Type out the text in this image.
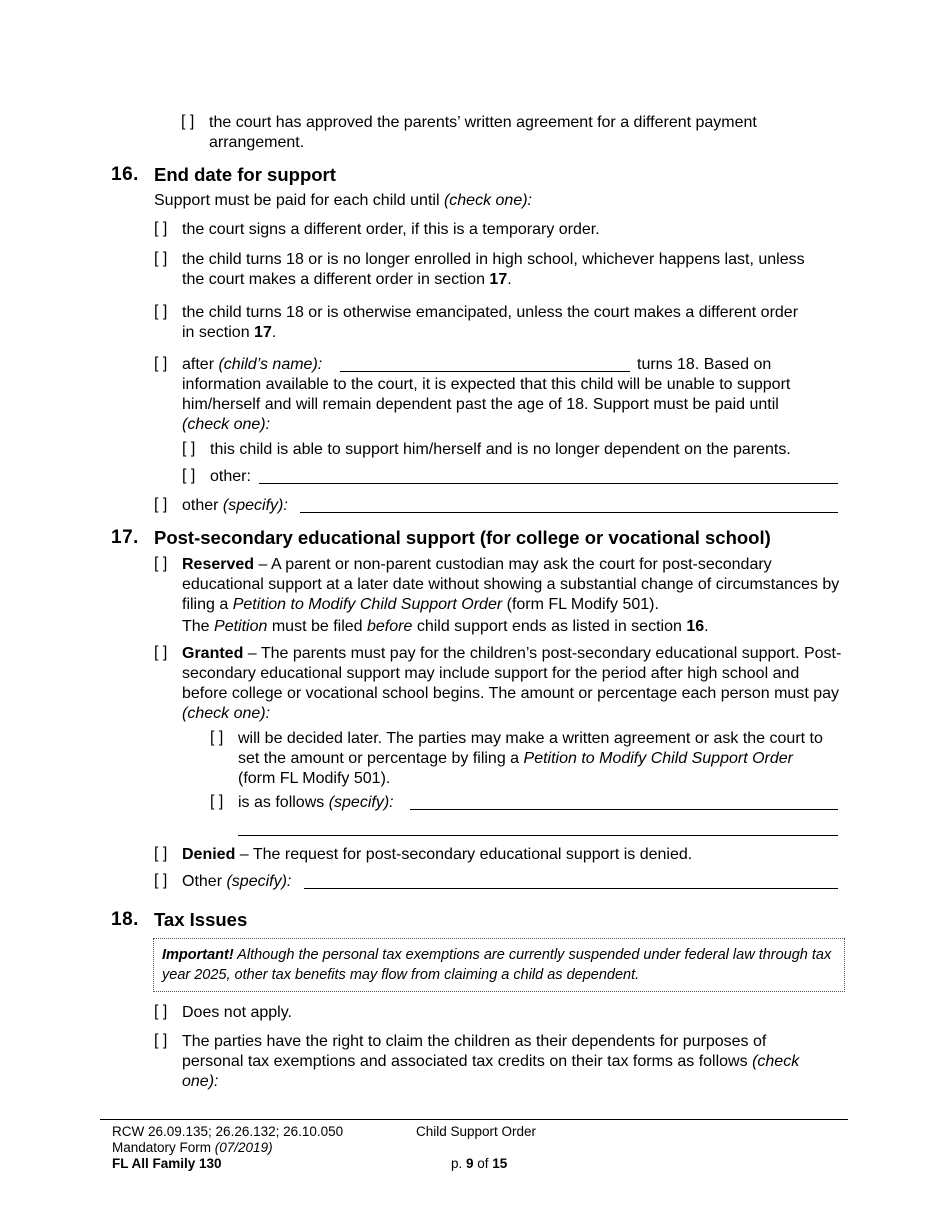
[ ] the court has approved the parents’ written agreement for a different payment arrangement.
16. End date for support
Support must be paid for each child until (check one):
[ ] the court signs a different order, if this is a temporary order.
[ ] the child turns 18 or is no longer enrolled in high school, whichever happens last, unless the court makes a different order in section 17.
[ ] the child turns 18 or is otherwise emancipated, unless the court makes a different order in section 17.
[ ] after (child’s name):	turns 18. Based on
information available to the court, it is expected that this child will be unable to support him/herself and will remain dependent past the age of 18. Support must be paid until
(check one):
[ ] this child is able to support him/herself and is no longer dependent on the parents.
[ ] other:
[ ] other (specify):
17. Post-secondary educational support (for college or vocational school)
[ ] Reserved – A parent or non-parent custodian may ask the court for post-secondary educational support at a later date without showing a substantial change of circumstances by filing a Petition to Modify Child Support Order (form FL Modify 501).
The Petition must be filed before child support ends as listed in section 16.
[ ] Granted – The parents must pay for the children’s post-secondary educational support. Post-secondary educational support may include support for the period after high school and before college or vocational school begins. The amount or percentage each person must pay (check one):
[ ] will be decided later. The parties may make a written agreement or ask the court to set the amount or percentage by filing a Petition to Modify Child Support Order (form FL Modify 501).
[ ] is as follows (specify):
[ ] Denied – The request for post-secondary educational support is denied.
[ ] Other (specify):
18. Tax Issues
Important! Although the personal tax exemptions are currently suspended under federal law through tax year 2025, other tax benefits may flow from claiming a child as dependent.
[ ] Does not apply.
[ ] The parties have the right to claim the children as their dependents for purposes of personal tax exemptions and associated tax credits on their tax forms as follows (check one):
RCW 26.09.135; 26.26.132; 26.10.050
Mandatory Form (07/2019)
FL All Family 130
Child Support Order
p. 9 of 15
